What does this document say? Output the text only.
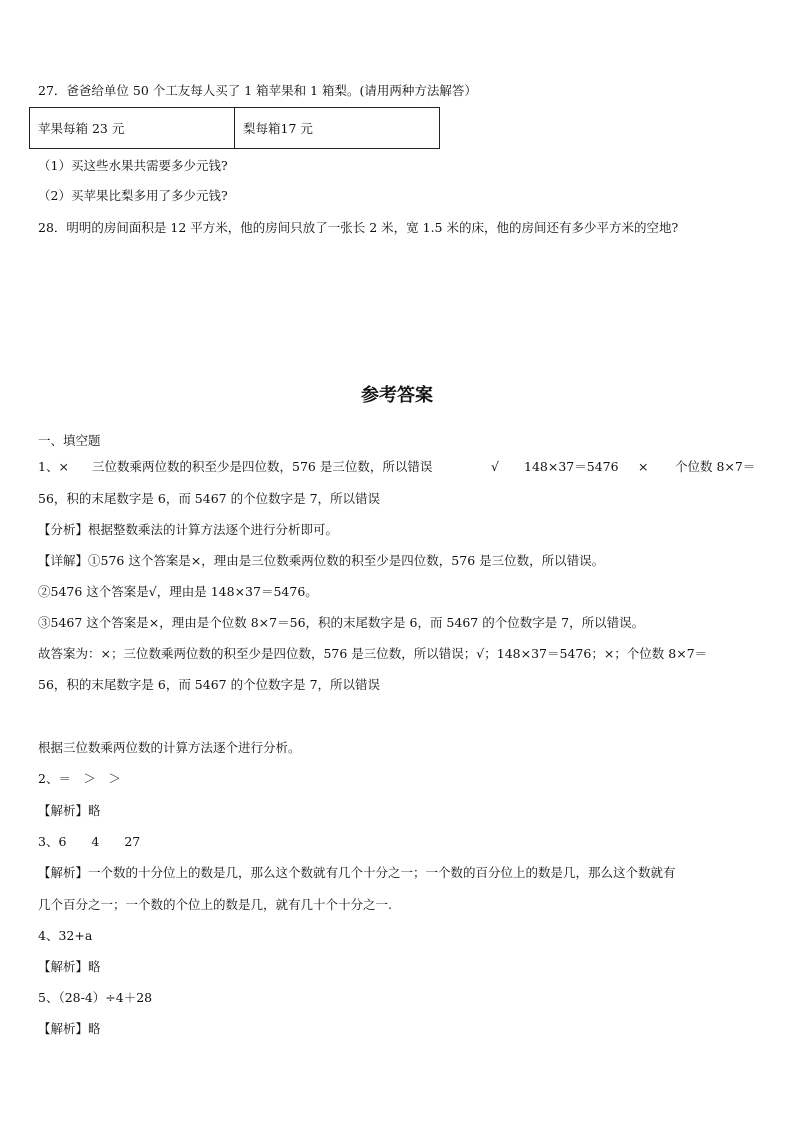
27．爸爸给单位 50 个工友每人买了 1 箱苹果和 1 箱梨。(请用两种方法解答）
苹果每箱 23 元	梨每箱17 元
（1）买这些水果共需要多少元钱?
（2）买苹果比梨多用了多少元钱?
28．明明的房间面积是 12 平方米，他的房间只放了一张长 2 米，宽 1.5 米的床，他的房间还有多少平方米的空地?
参考答案
一、填空题
1、× 三位数乘两位数的积至少是四位数，576 是三位数，所以错误	√ 148×37＝5476 × 个位数 8×7＝
56，积的末尾数字是 6，而 5467 的个位数字是 7，所以错误
【分析】根据整数乘法的计算方法逐个进行分析即可。
【详解】①576 这个答案是×，理由是三位数乘两位数的积至少是四位数，576 是三位数，所以错误。
②5476 这个答案是√，理由是 148×37＝5476。
③5467 这个答案是×，理由是个位数 8×7＝56，积的末尾数字是 6，而 5467 的个位数字是 7，所以错误。
故答案为：×；三位数乘两位数的积至少是四位数，576 是三位数，所以错误；√；148×37＝5476；×；个位数 8×7＝
56，积的末尾数字是 6，而 5467 的个位数字是 7，所以错误
根据三位数乘两位数的计算方法逐个进行分析。
2、＝　＞　＞
【解析】略
3、6　　4　　27
【解析】一个数的十分位上的数是几，那么这个数就有几个十分之一；一个数的百分位上的数是几，那么这个数就有
几个百分之一；一个数的个位上的数是几，就有几十个十分之一.
4、32+a
【解析】略
5、（28-4）÷4＋28
【解析】略
